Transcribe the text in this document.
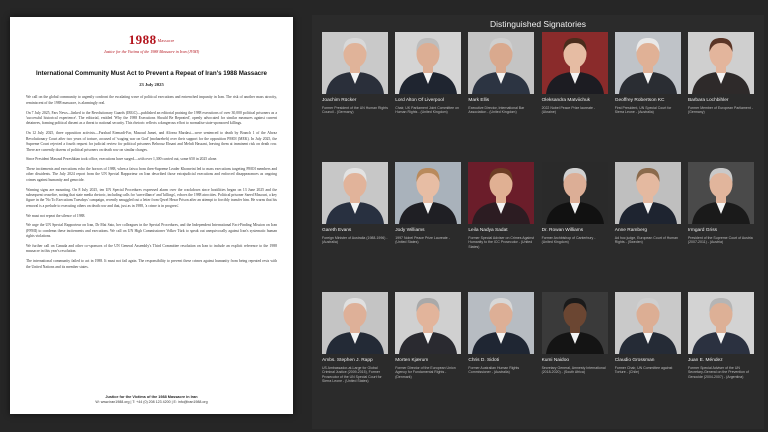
1988Massacre
Justice for the Victims of the 1988 Massacre in Iran (JVMI)
International Community Must Act to Prevent a Repeat of Iran's 1988 Massacre
23 July 2025

We call on the global community to urgently confront the escalating wave of political executions and entrenched impunity in Iran. The risk of another mass atrocity, reminiscent of the 1988 massacre, is alarmingly real.

On 7 July 2025, Fars News—linked to the Revolutionary Guards (IRGC)—published an editorial praising the 1988 executions of over 30,000 political prisoners as a 'successful historical experience'. The editorial, entitled 'Why the 1988 Executions Should Be Repeated', openly advocated for similar measures against current detainees, framing political dissent as a threat to national security. This rhetoric reflects a dangerous effort to normalise state-sponsored killings.

On 12 July 2025, three opposition activists—Farshad Etemadi-Far, Masoud Jamei, and Alireza Mardasi—were sentenced to death by Branch 1 of the Ahvaz Revolutionary Court after two years of torture, accused of 'waging war on God' (moharebeh) over their support for the opposition PMOI (MEK). In July 2025, the Supreme Court rejected a fourth request for judicial review for political prisoners Behrouz Ehsani and Mehdi Hassani, leaving them at imminent risk on death row. There are currently dozens of political prisoners on death row on similar charges.

Since President Masoud Pezeshkian took office, executions have surged—with over 1,300 carried out, some 650 in 2025 alone.

These incitements and executions echo the horrors of 1988, when a fatwa from then-Supreme Leader Khomeini led to mass executions targeting PMOI members and other dissidents. The July 2024 report from the UN Special Rapporteur on Iran described those extrajudicial executions and enforced disappearances as ongoing crimes against humanity and genocide.

Warning signs are mounting. On 8 July 2025, ten UN Special Procedures expressed alarm over the crackdown since hostilities began on 13 June 2025 and the subsequent ceasefire, noting that state media rhetoric, including calls for 'surveillance' and 'killings', echoes the 1988 atrocities. Political prisoner Saeed Masouri, a key figure in the 'No To Executions Tuesdays' campaign, recently smuggled out a letter from Qezel Hesar Prison after an attempt to forcibly transfer him. He warns that his removal is a prelude to executing others on death row and that, just as in 1988, 'a crime is in progress'.

We must not repeat the silence of 1988.

We urge the UN Special Rapporteur on Iran, Dr Mai Sato, her colleagues in the Special Procedures, and the Independent International Fact-Finding Mission on Iran (FFMI) to condemn these incitements and executions. We call on UN High Commissioner Volker Türk to speak out unequivocally against Iran's systematic human rights violations.

We further call on Canada and other co-sponsors of the UN General Assembly's Third Committee resolution on Iran to include an explicit reference to the 1988 massacre in this year's resolution.

The international community failed to act in 1988. It must not fail again. The responsibility to prevent these crimes against humanity from being repeated rests with the United Nations and its member states.

Justice for the Victims of the 1988 Massacre in Iran
W: www.iran1988.org | T: +44 (0) 208 123 4200 | E: info@iran1988.org
Distinguished Signatories
Joachim Rücker
Former President of the UN Human Rights Council - (Germany)
Lord Alton Of Liverpool
Chair, UK Parliament Joint Committee on Human Rights - (United Kingdom)
Mark Ellis
Executive Director, International Bar Association - (United Kingdom)
Oleksandra Matviichuk
2022 Nobel Peace Prize laureate - (Ukraine)
Geoffrey Robertson KC
First President, UN Special Court for Sierra Leone - (Australia)
Barbara Lochbihler
Former Member of European Parliament - (Germany)
Gareth Evans
Foreign Minister of Australia (1988-1996) - (Australia)
Jody Williams
1997 Nobel Peace Prize Laureate - (United States)
Leila Nadya Sadat
Former Special Adviser on Crimes Against Humanity to the ICC Prosecutor - (United States)
Dr. Rowan Williams
Former Archbishop of Canterbury - (United Kingdom)
Anne Ramberg
Ad hoc judge, European Court of Human Rights - (Sweden)
Irmgard Griss
President of the Supreme Court of Austria (2007-2011) - (Austria)
Ambs. Stephen J. Rapp
US Ambassador-at-Large for Global Criminal Justice (2009-2015), Former Prosecutor of the UN Special Court for Sierra Leone - (United States)
Morten Kjærum
Former Director of the European Union Agency for Fundamental Rights - (Denmark)
Chris D. Sidoti
Former Australian Human Rights Commissioner - (Australia)
Kumi Naidoo
Secretary General, Amnesty International (2018-2020) - (South Africa)
Claudio Grossman
Former Chair, UN Committee against Torture - (Chile)
Juan E. Méndez
Former Special Adviser of the UN Secretary-General on the Prevention of Genocide (2004-2007) - (Argentina)
